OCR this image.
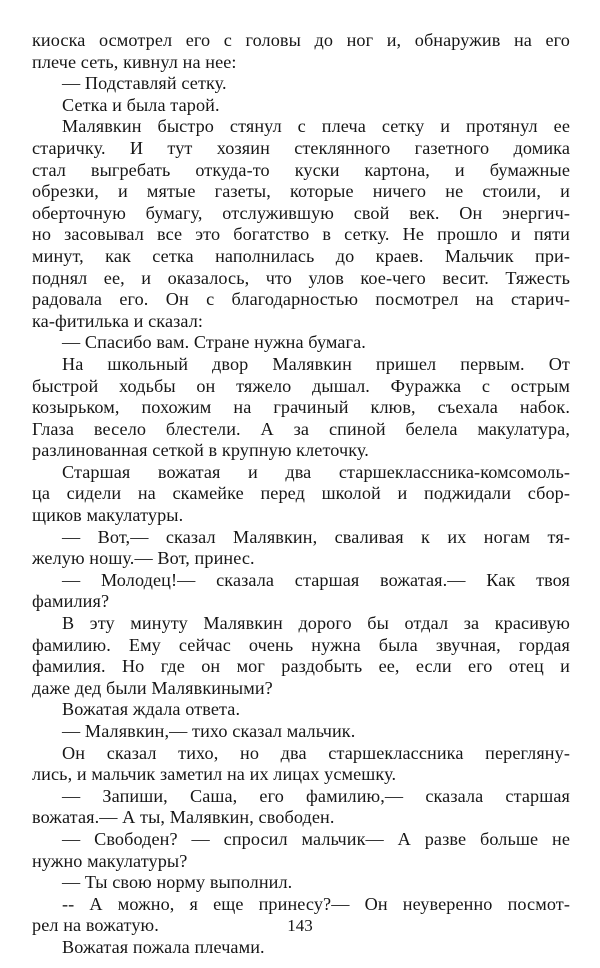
киоска осмотрел его с головы до ног и, обнаружив на его
плече сеть, кивнул на нее:
— Подставляй сетку.
Сетка и была тарой.
Малявкин быстро стянул с плеча сетку и протянул ее
старичку. И тут хозяин стеклянного газетного домика
стал выгребать откуда-то куски картона, и бумажные
обрезки, и мятые газеты, которые ничего не стоили, и
оберточную бумагу, отслужившую свой век. Он энергич-
но засовывал все это богатство в сетку. Не прошло и пяти
минут, как сетка наполнилась до краев. Мальчик при-
поднял ее, и оказалось, что улов кое-чего весит. Тяжесть
радовала его. Он с благодарностью посмотрел на старич-
ка-фитилька и сказал:
— Спасибо вам. Стране нужна бумага.
На школьный двор Малявкин пришел первым. От
быстрой ходьбы он тяжело дышал. Фуражка с острым
козырьком, похожим на грачиный клюв, съехала набок.
Глаза весело блестели. А за спиной белела макулатура,
разлинованная сеткой в крупную клеточку.
Старшая вожатая и два старшеклассника-комсомоль-
ца сидели на скамейке перед школой и поджидали сбор-
щиков макулатуры.
— Вот,— сказал Малявкин, сваливая к их ногам тя-
желую ношу.— Вот, принес.
— Молодец!— сказала старшая вожатая.— Как твоя
фамилия?
В эту минуту Малявкин дорого бы отдал за красивую
фамилию. Ему сейчас очень нужна была звучная, гордая
фамилия. Но где он мог раздобыть ее, если его отец и
даже дед были Малявкиными?
Вожатая ждала ответа.
— Малявкин,— тихо сказал мальчик.
Он сказал тихо, но два старшеклассника переглянy-
лись, и мальчик заметил на их лицах усмешку.
— Запиши, Саша, его фамилию,— сказала старшая
вожатая.— А ты, Малявкин, свободен.
— Свободен? — спросил мальчик— А разве больше не
нужно макулатуры?
— Ты свою норму выполнил.
-- А можно, я еще принесу?— Он неуверенно посмот-
рел на вожатую.
Вожатая пожала плечами.
143
